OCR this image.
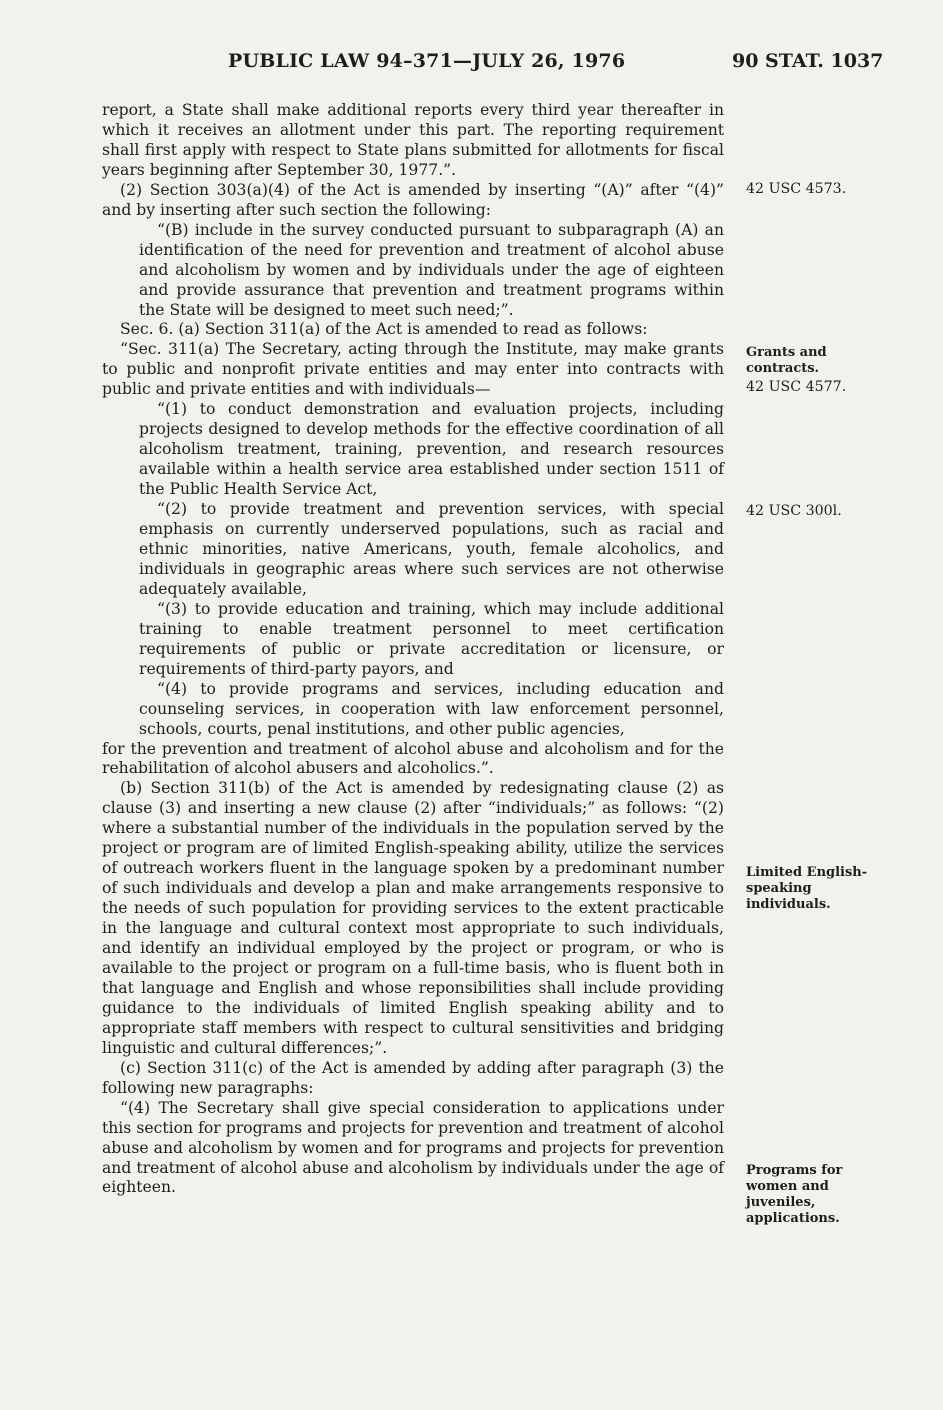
PUBLIC LAW 94–371—JULY 26, 1976	90 STAT. 1037

report, a State shall make additional reports every third year thereafter in which it receives an allotment under this part. The reporting requirement shall first apply with respect to State plans submitted for allotments for fiscal years beginning after September 30, 1977.”.

(2) Section 303(a)(4) of the Act is amended by inserting “(A)” after “(4)” and by inserting after such section the following:

“(B) include in the survey conducted pursuant to subparagraph (A) an identification of the need for prevention and treatment of alcohol abuse and alcoholism by women and by individuals under the age of eighteen and provide assurance that prevention and treatment programs within the State will be designed to meet such need;”.

Sec. 6. (a) Section 311(a) of the Act is amended to read as follows:

“Sec. 311(a) The Secretary, acting through the Institute, may make grants to public and nonprofit private entities and may enter into contracts with public and private entities and with individuals—

“(1) to conduct demonstration and evaluation projects, including projects designed to develop methods for the effective coordination of all alcoholism treatment, training, prevention, and research resources available within a health service area established under section 1511 of the Public Health Service Act,

“(2) to provide treatment and prevention services, with special emphasis on currently underserved populations, such as racial and ethnic minorities, native Americans, youth, female alcoholics, and individuals in geographic areas where such services are not otherwise adequately available,

“(3) to provide education and training, which may include additional training to enable treatment personnel to meet certification requirements of public or private accreditation or licensure, or requirements of third-party payors, and

“(4) to provide programs and services, including education and counseling services, in cooperation with law enforcement personnel, schools, courts, penal institutions, and other public agencies,

for the prevention and treatment of alcohol abuse and alcoholism and for the rehabilitation of alcohol abusers and alcoholics.”.

(b) Section 311(b) of the Act is amended by redesignating clause (2) as clause (3) and inserting a new clause (2) after “individuals;” as follows: “(2) where a substantial number of the individuals in the population served by the project or program are of limited English-speaking ability, utilize the services of outreach workers fluent in the language spoken by a predominant number of such individuals and develop a plan and make arrangements responsive to the needs of such population for providing services to the extent practicable in the language and cultural context most appropriate to such individuals, and identify an individual employed by the project or program, or who is available to the project or program on a full-time basis, who is fluent both in that language and English and whose reponsibilities shall include providing guidance to the individuals of limited English speaking ability and to appropriate staff members with respect to cultural sensitivities and bridging linguistic and cultural differences;”.

(c) Section 311(c) of the Act is amended by adding after paragraph (3) the following new paragraphs:

“(4) The Secretary shall give special consideration to applications under this section for programs and projects for prevention and treatment of alcohol abuse and alcoholism by women and for programs and projects for prevention and treatment of alcohol abuse and alcoholism by individuals under the age of eighteen.

42 USC 4573.
Grants and
contracts.
42 USC 4577.
42 USC 300l.
Limited English-
speaking
individuals.
Programs for
women and
juveniles,
applications.
